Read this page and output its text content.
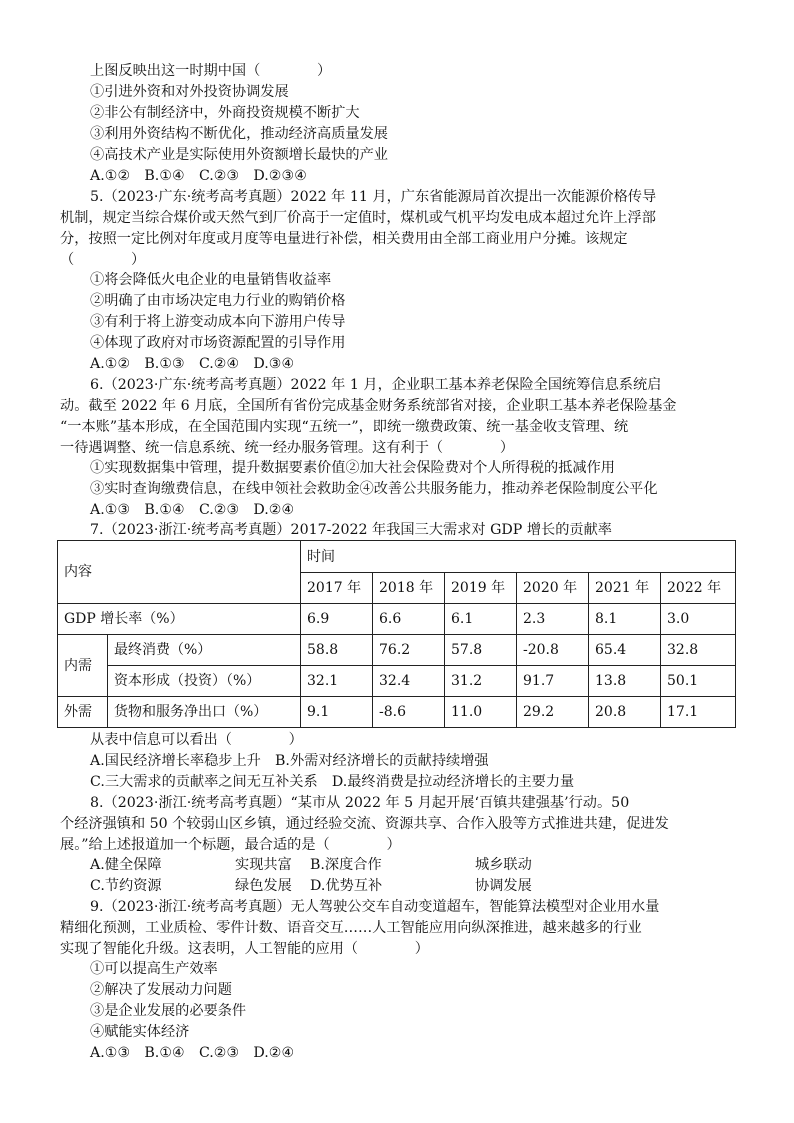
上图反映出这一时期中国（　　　　）
①引进外资和对外投资协调发展
②非公有制经济中，外商投资规模不断扩大
③利用外资结构不断优化，推动经济高质量发展
④高技术产业是实际使用外资额增长最快的产业
A.①②　B.①④　C.②③　D.②③④
5.（2023·广东·统考高考真题）2022 年 11 月，广东省能源局首次提出一次能源价格传导
机制，规定当综合煤价或天然气到厂价高于一定值时，煤机或气机平均发电成本超过允许上浮部
分，按照一定比例对年度或月度等电量进行补偿，相关费用由全部工商业用户分摊。该规定
（　　　　）
①将会降低火电企业的电量销售收益率
②明确了由市场决定电力行业的购销价格
③有利于将上游变动成本向下游用户传导
④体现了政府对市场资源配置的引导作用
A.①②　B.①③　C.②④　D.③④
6.（2023·广东·统考高考真题）2022 年 1 月，企业职工基本养老保险全国统筹信息系统启
动。截至 2022 年 6 月底，全国所有省份完成基金财务系统部省对接，企业职工基本养老保险基金
“一本账”基本形成，在全国范围内实现“五统一”，即统一缴费政策、统一基金收支管理、统
一待遇调整、统一信息系统、统一经办服务管理。这有利于（　　　　）
①实现数据集中管理，提升数据要素价值②加大社会保险费对个人所得税的抵减作用
③实时查询缴费信息，在线申领社会救助金④改善公共服务能力，推动养老保险制度公平化
A.①③　B.①④　C.②③　D.②④
7.（2023·浙江·统考高考真题）2017-2022 年我国三大需求对 GDP 增长的贡献率
内容		时间					
		2017 年	2018 年	2019 年	2020 年	2021 年	2022 年
GDP 增长率（%）		6.9	6.6	6.1	2.3	8.1	3.0
内需	最终消费（%）	58.8	76.2	57.8	-20.8	65.4	32.8
	资本形成（投资）（%）	32.1	32.4	31.2	91.7	13.8	50.1
外需	货物和服务净出口（%）	9.1	-8.6	11.0	29.2	20.8	17.1
从表中信息可以看出（　　　　）
A.国民经济增长率稳步上升　B.外需对经济增长的贡献持续增强
C.三大需求的贡献率之间无互补关系　D.最终消费是拉动经济增长的主要力量
8.（2023·浙江·统考高考真题）“某市从 2022 年 5 月起开展‘百镇共建强基’行动。50
个经济强镇和 50 个较弱山区乡镇，通过经验交流、资源共享、合作入股等方式推进共建，促进发
展。”给上述报道加一个标题，最合适的是（　　　　）
A.健全保障	实现共富 B.深度合作	城乡联动
C.节约资源	绿色发展 D.优势互补	协调发展
9.（2023·浙江·统考高考真题）无人驾驶公交车自动变道超车，智能算法模型对企业用水量
精细化预测，工业质检、零件计数、语音交互……人工智能应用向纵深推进，越来越多的行业
实现了智能化升级。这表明，人工智能的应用（　　　　）
①可以提高生产效率
②解决了发展动力问题
③是企业发展的必要条件
④赋能实体经济
A.①③　B.①④　C.②③　D.②④
